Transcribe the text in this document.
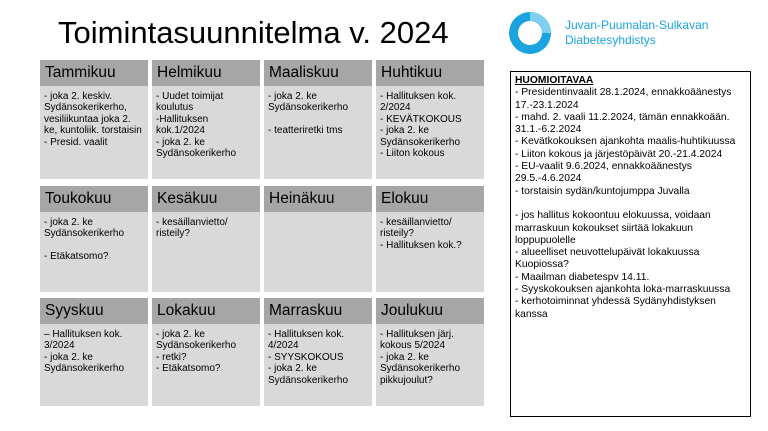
Toimintasuunnitelma v. 2024	Juvan-Puumalan-Sulkavan
Diabetesyhdistys
Tammikuu
- joka 2. keskiv. Sydänsokerikerho, vesiliikuntaa joka 2. ke, kuntoliik. torstaisin
- Presid. vaalit
Helmikuu
- Uudet toimijat koulutus
-Hallituksen kok.1/2024
- joka 2. ke Sydänsokerikerho
Maaliskuu
- joka 2. ke Sydänsokerikerho

- teatteriretki tms
Huhtikuu
- Hallituksen kok. 2/2024
- KEVÄTKOKOUS
- joka 2. ke Sydänsokerikerho
- Liiton kokous
Toukokuu
- joka 2. ke Sydänsokerikerho

- Etäkatsomo?
Kesäkuu
- kesäillanvietto/ risteily?
Heinäkuu	Elokuu
- kesäillanvietto/ risteily?
- Hallituksen kok.?
Syyskuu
– Hallituksen kok. 3/2024
- joka 2. ke Sydänsokerikerho
Lokakuu
- joka 2. ke Sydänsokerikerho
- retki?
- Etäkatsomo?
Marraskuu
- Hallituksen kok. 4/2024
- SYYSKOKOUS
- joka 2. ke Sydänsokerikerho
Joulukuu
- Hallituksen järj. kokous 5/2024
- joka 2. ke Sydänsokerikerho pikkujoulut?
HUOMIOITAVAA
- Presidentinvaalit 28.1.2024, ennakkoäänestys 17.-23.1.2024
- mahd. 2. vaali 11.2.2024, tämän ennakkoään. 31.1.-6.2.2024
- Kevätkokouksen ajankohta maalis-huhtikuussa
- Liiton kokous ja järjestöpäivät 20.-21.4.2024
- EU-vaalit 9.6.2024, ennakkoäänestys 29.5.-4.6.2024
- torstaisin sydän/kuntojumppa Juvalla

- jos hallitus kokoontuu elokuussa, voidaan marraskuun kokoukset siirtää lokakuun loppupuolelle
- alueelliset neuvottelupäivät lokakuussa Kuopiossa?
- Maailman diabetespv 14.11.
- Syyskokouksen ajankohta loka-marraskuussa
- kerhotoiminnat yhdessä Sydänyhdistyksen kanssa
